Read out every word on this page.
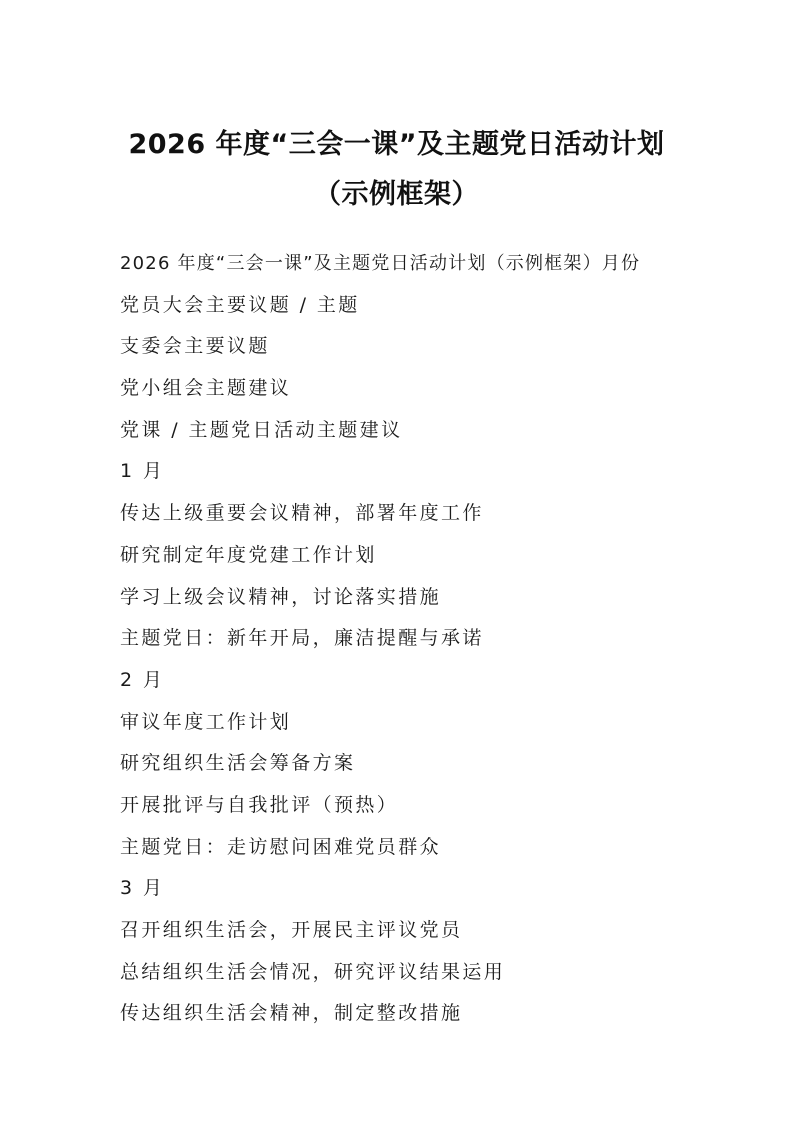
2026 年度“三会一课”及主题党日活动计划
（示例框架）
2026 年度“三会一课”及主题党日活动计划（示例框架）月份
党员大会主要议题 / 主题
支委会主要议题
党小组会主题建议
党课 / 主题党日活动主题建议
1 月
传达上级重要会议精神，部署年度工作
研究制定年度党建工作计划
学习上级会议精神，讨论落实措施
主题党日：新年开局，廉洁提醒与承诺
2 月
审议年度工作计划
研究组织生活会筹备方案
开展批评与自我批评（预热）
主题党日：走访慰问困难党员群众
3 月
召开组织生活会，开展民主评议党员
总结组织生活会情况，研究评议结果运用
传达组织生活会精神，制定整改措施
